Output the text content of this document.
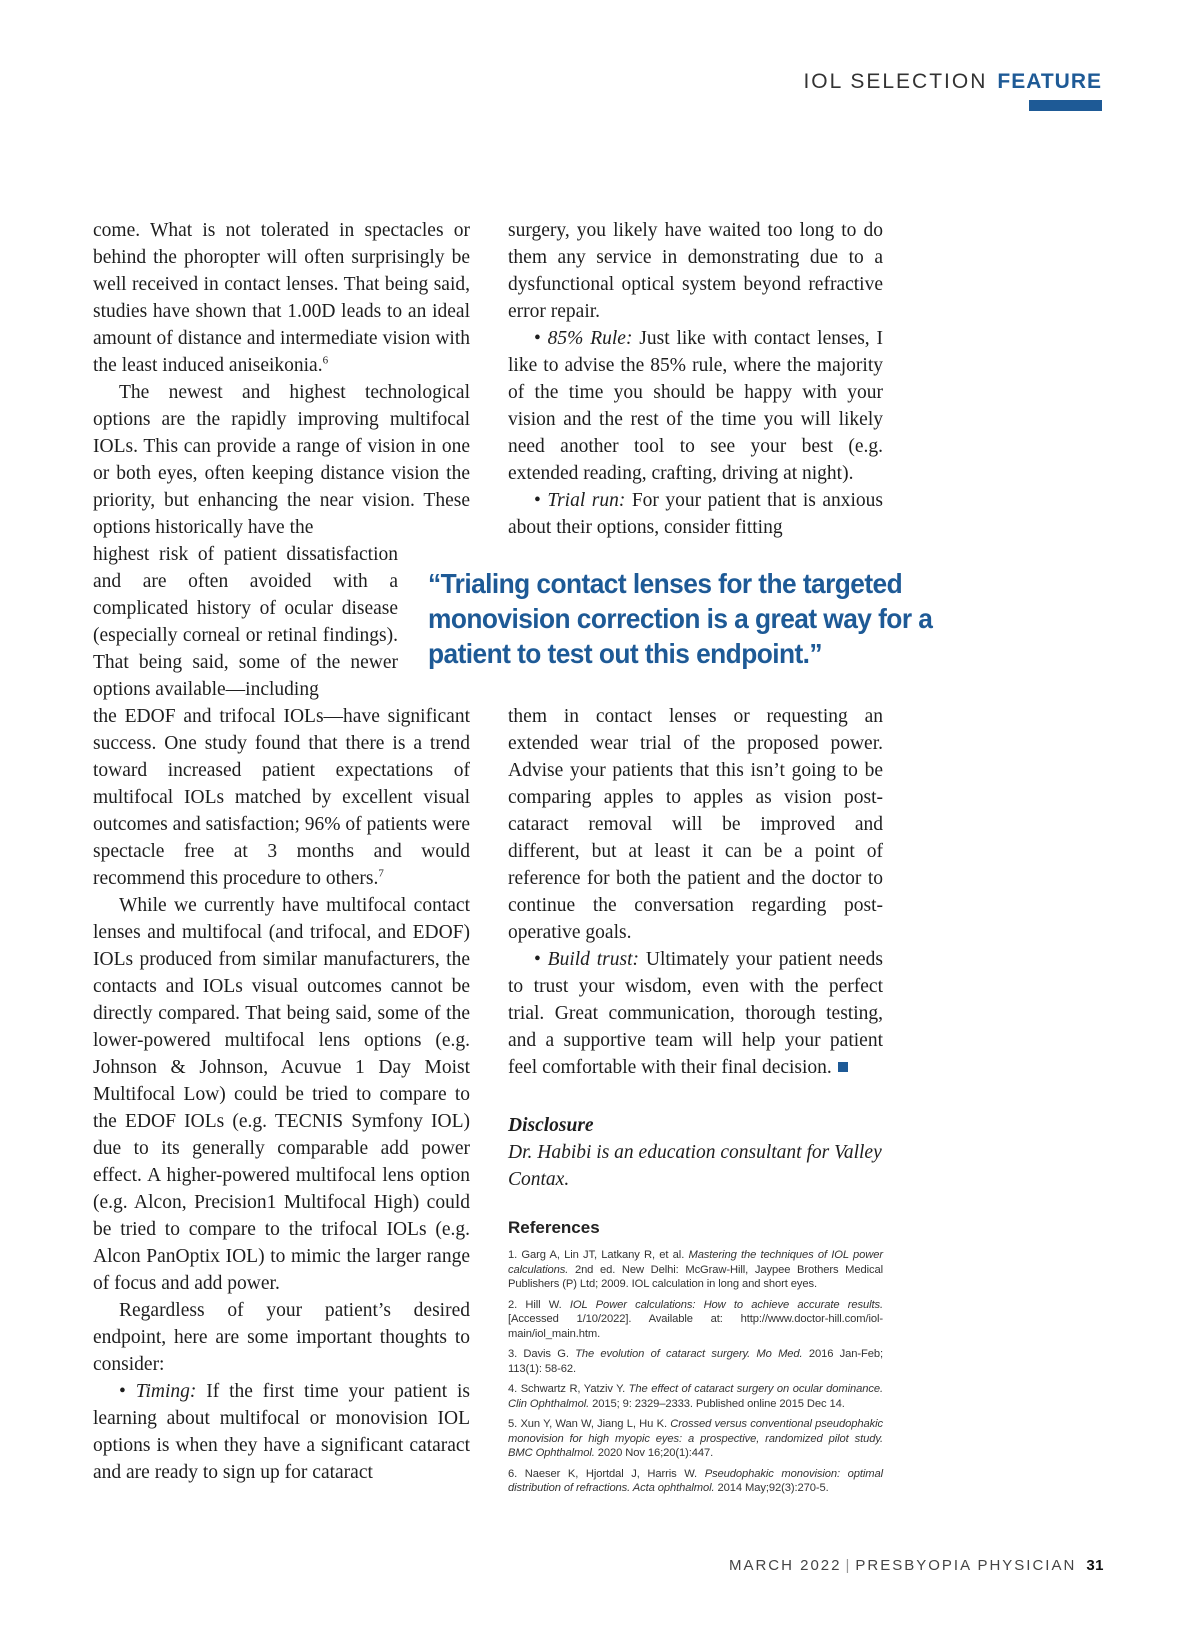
IOL SELECTION FEATURE

come. What is not tolerated in spectacles or behind the phoropter will often surprisingly be well received in contact lenses. That being said, studies have shown that 1.00D leads to an ideal amount of distance and intermediate vision with the least induced aniseikonia.$^6$

The newest and highest technological options are the rapidly improving multifocal IOLs. This can provide a range of vision in one or both eyes, often keeping distance vision the priority, but enhancing the near vision. These options historically have the

highest risk of patient dissatisfaction and are often avoided with a complicated history of ocular disease (especially corneal or retinal findings). That being said, some of the newer options available—including

the EDOF and trifocal IOLs—have significant success. One study found that there is a trend toward increased patient expectations of multifocal IOLs matched by excellent visual outcomes and satisfaction; 96% of patients were spectacle free at 3 months and would recommend this procedure to others.$^7$

While we currently have multifocal contact lenses and multifocal (and trifocal, and EDOF) IOLs produced from similar manufacturers, the contacts and IOLs visual outcomes cannot be directly compared. That being said, some of the lower-powered multifocal lens options (e.g. Johnson & Johnson, Acuvue 1 Day Moist Multifocal Low) could be tried to compare to the EDOF IOLs (e.g. TECNIS Symfony IOL) due to its generally comparable add power effect. A higher-powered multifocal lens option (e.g. Alcon, Precision1 Multifocal High) could be tried to compare to the trifocal IOLs (e.g. Alcon PanOptix IOL) to mimic the larger range of focus and add power.

Regardless of your patient’s desired endpoint, here are some important thoughts to consider:

• Timing: If the first time your patient is learning about multifocal or monovision IOL options is when they have a significant cataract and are ready to sign up for cataract

surgery, you likely have waited too long to do them any service in demonstrating due to a dysfunctional optical system beyond refractive error repair.

• 85% Rule: Just like with contact lenses, I like to advise the 85% rule, where the majority of the time you should be happy with your vision and the rest of the time you will likely need another tool to see your best (e.g. extended reading, crafting, driving at night).

• Trial run: For your patient that is anxious about their options, consider fitting

“Trialing contact lenses for the targeted monovision correction is a great way for a patient to test out this endpoint.”

them in contact lenses or requesting an extended wear trial of the proposed power. Advise your patients that this isn’t going to be comparing apples to apples as vision post-cataract removal will be improved and different, but at least it can be a point of reference for both the patient and the doctor to continue the conversation regarding post-operative goals.

• Build trust: Ultimately your patient needs to trust your wisdom, even with the perfect trial. Great communication, thorough testing, and a supportive team will help your patient feel comfortable with their final decision.

Disclosure

Dr. Habibi is an education consultant for Valley Contax.

References
1. Garg A, Lin JT, Latkany R, et al. Mastering the techniques of IOL power calculations. 2nd ed. New Delhi: McGraw-Hill, Jaypee Brothers Medical Publishers (P) Ltd; 2009. IOL calculation in long and short eyes.
2. Hill W. IOL Power calculations: How to achieve accurate results. [Accessed 1/10/2022]. Available at: http://www.doctor-hill.com/iol-main/iol_main.htm.
3. Davis G. The evolution of cataract surgery. Mo Med. 2016 Jan-Feb; 113(1): 58-62.
4. Schwartz R, Yatziv Y. The effect of cataract surgery on ocular dominance. Clin Ophthalmol. 2015; 9: 2329–2333. Published online 2015 Dec 14.
5. Xun Y, Wan W, Jiang L, Hu K. Crossed versus conventional pseudophakic monovision for high myopic eyes: a prospective, randomized pilot study. BMC Ophthalmol. 2020 Nov 16;20(1):447.
6. Naeser K, Hjortdal J, Harris W. Pseudophakic monovision: optimal distribution of refractions. Acta ophthalmol. 2014 May;92(3):270-5.
MARCH 2022 | PRESBYOPIA PHYSICIAN 31
